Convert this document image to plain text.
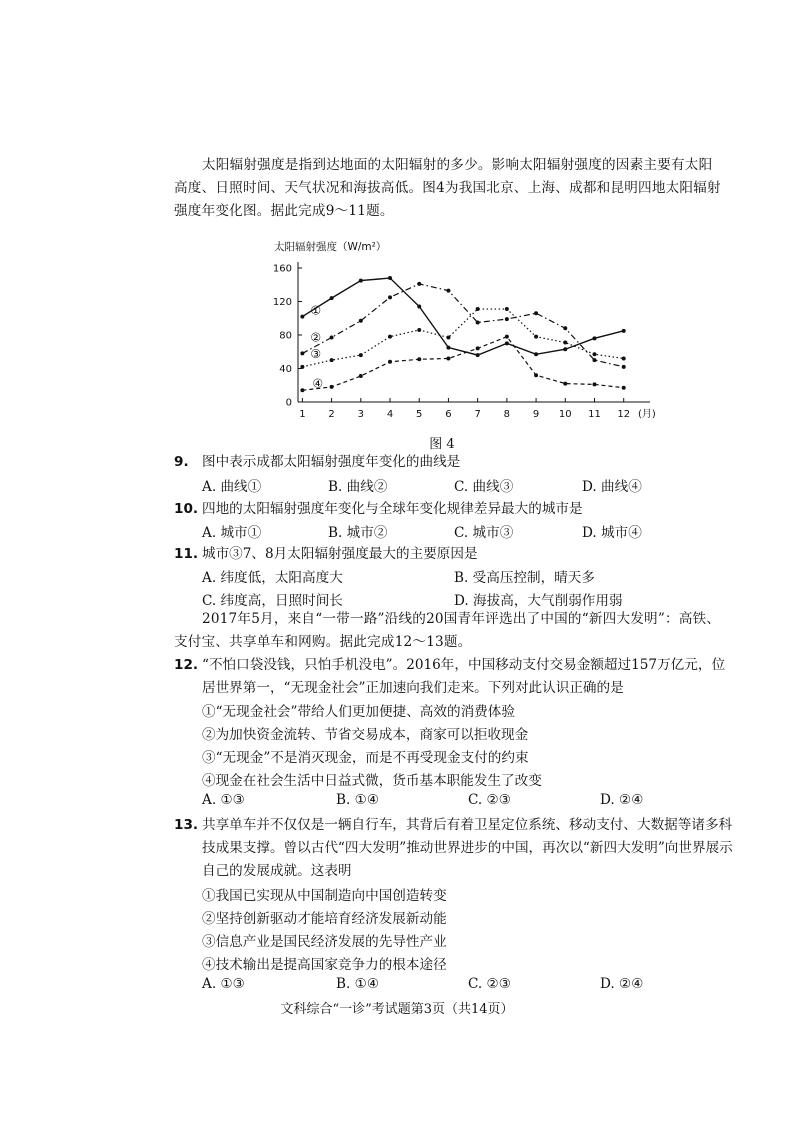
太阳辐射强度是指到达地面的太阳辐射的多少。影响太阳辐射强度的因素主要有太阳高度、日照时间、天气状况和海拔高低。图4为我国北京、上海、成都和昆明四地太阳辐射强度年变化图。据此完成9～11题。
太阳辐射强度（W/m²）
0
40
80
120
160
1 2 3 4 5 6 7 8 9 10 11 12 (月)
①
②
③
④
图 4
9. 图中表示成都太阳辐射强度年变化的曲线是
A. 曲线①	B. 曲线②	C. 曲线③	D. 曲线④
10. 四地的太阳辐射强度年变化与全球年变化规律差异最大的城市是
A. 城市①	B. 城市②	C. 城市③	D. 城市④
11. 城市③7、8月太阳辐射强度最大的主要原因是
A. 纬度低，太阳高度大	B. 受高压控制，晴天多
C. 纬度高，日照时间长	D. 海拔高，大气削弱作用弱
2017年5月，来自“一带一路”沿线的20国青年评选出了中国的“新四大发明”：高铁、支付宝、共享单车和网购。据此完成12～13题。
12. “不怕口袋没钱，只怕手机没电”。2016年，中国移动支付交易金额超过157万亿元，位居世界第一，“无现金社会”正加速向我们走来。下列对此认识正确的是
①“无现金社会”带给人们更加便捷、高效的消费体验
②为加快资金流转、节省交易成本，商家可以拒收现金
③“无现金”不是消灭现金，而是不再受现金支付的约束
④现金在社会生活中日益式微，货币基本职能发生了改变
A. ①③	B. ①④	C. ②③	D. ②④
13. 共享单车并不仅仅是一辆自行车，其背后有着卫星定位系统、移动支付、大数据等诸多科技成果支撑。曾以古代“四大发明”推动世界进步的中国，再次以“新四大发明”向世界展示自己的发展成就。这表明
①我国已实现从中国制造向中国创造转变
②坚持创新驱动才能培育经济发展新动能
③信息产业是国民经济发展的先导性产业
④技术输出是提高国家竞争力的根本途径
A. ①③	B. ①④	C. ②③	D. ②④
文科综合“一诊”考试题第3页（共14页）
